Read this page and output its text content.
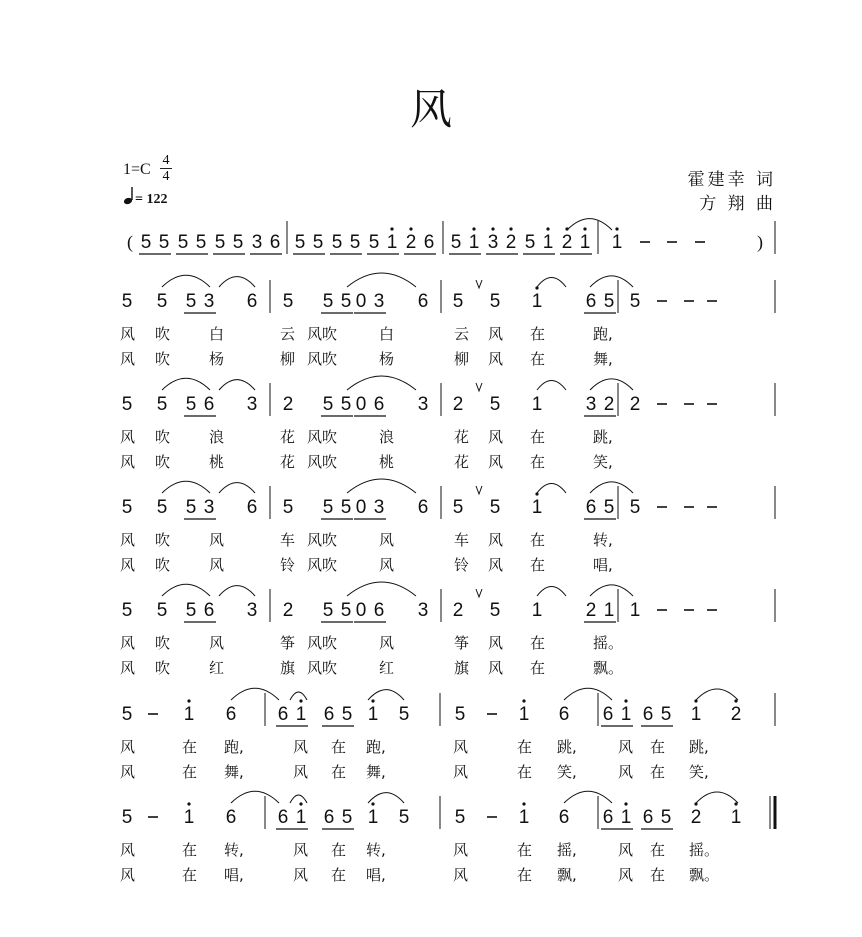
风
1=C
4
4
= 122
霍建幸 词
方 翔 曲
( 5 5 5 5 5 5 3 6 5 5 5 5 5 1 2 6 5 1 3 2 5 1 2 1 1	)
5 5 5 3 6 5 5 5 0 3 6 5 5 1 6 5 5
风 吹	白	云 风吹	白	云 风 在	跑,
风 吹	杨	柳 风吹	杨	柳 风 在	舞,
5 5 5 6 3 2 5 5 0 6 3 2 5 1 3 2 2
风 吹	浪	花 风吹	浪	花 风 在	跳,
风 吹	桃	花 风吹	桃	花 风 在	笑,
5 5 5 3 6 5 5 5 0 3 6 5 5 1 6 5 5
风 吹	风	车 风吹	风	车 风 在	转,
风 吹	风	铃 风吹	风	铃 风 在	唱,
5 5 5 6 3 2 5 5 0 6 3 2 5 1 2 1 1
风 吹	风	筝 风吹	风	筝 风 在	摇。
风 吹	红	旗 风吹	红	旗 风 在	飘。
5	1 6 6 1 6 5 1 5 5	1 6 6 1 6 5 1 2
风	在 跑,	风 在 跑,	风	在 跳,	风 在 跳,
风	在 舞,	风 在 舞,	风	在 笑,	风 在 笑,
5	1 6 6 1 6 5 1 5 5	1 6 6 1 6 5 2 1
风	在 转,	风 在 转,	风	在 摇,	风 在 摇。
风	在 唱,	风 在 唱,	风	在 飘,	风 在 飘。
